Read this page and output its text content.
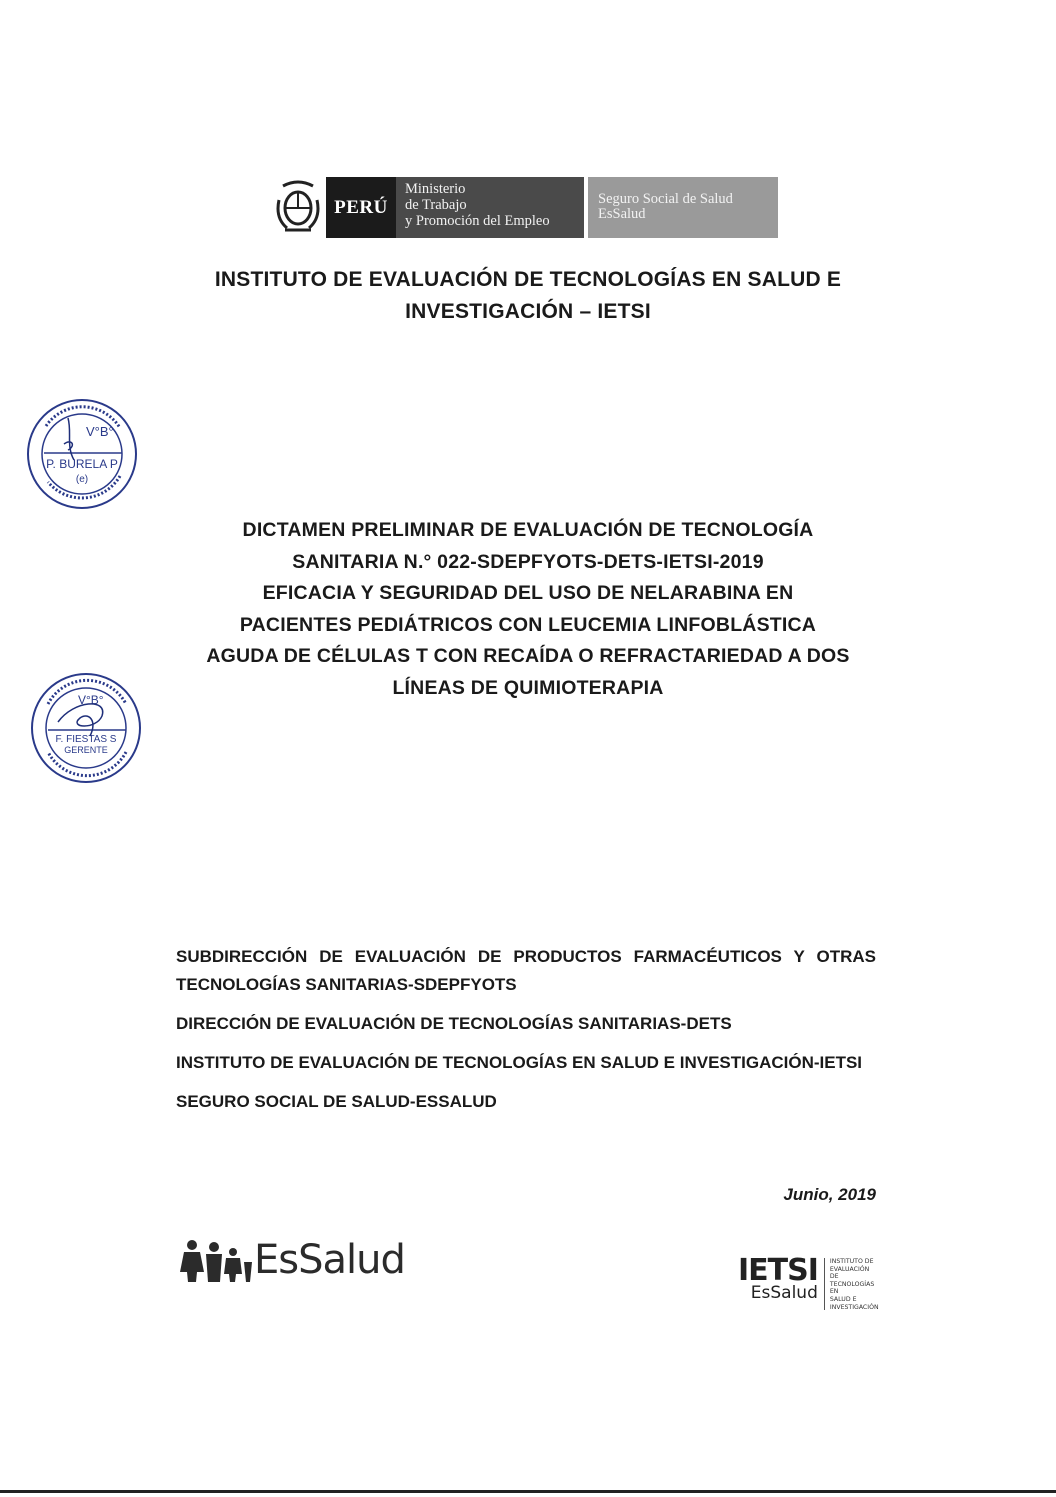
PERÚ
Ministerio
de Trabajo
y Promoción del Empleo
Seguro Social de Salud
EsSalud
INSTITUTO DE EVALUACIÓN DE TECNOLOGÍAS EN SALUD E
INVESTIGACIÓN – IETSI
V°B°
P. BURELA P
(e)
DICTAMEN PRELIMINAR DE EVALUACIÓN DE TECNOLOGÍA
SANITARIA N.° 022-SDEPFYOTS-DETS-IETSI-2019
EFICACIA Y SEGURIDAD DEL USO DE NELARABINA EN
PACIENTES PEDIÁTRICOS CON LEUCEMIA LINFOBLÁSTICA
AGUDA DE CÉLULAS T CON RECAÍDA O REFRACTARIEDAD A DOS
LÍNEAS DE QUIMIOTERAPIA
V°B°
F. FIESTAS S
GERENTE

SUBDIRECCIÓN DE EVALUACIÓN DE PRODUCTOS FARMACÉUTICOS Y OTRAS TECNOLOGÍAS SANITARIAS-SDEPFYOTS

DIRECCIÓN DE EVALUACIÓN DE TECNOLOGÍAS SANITARIAS-DETS

INSTITUTO DE EVALUACIÓN DE TECNOLOGÍAS EN SALUD E INVESTIGACIÓN-IETSI

SEGURO SOCIAL DE SALUD-ESSALUD

Junio, 2019
EsSalud	IETSI
EsSalud
INSTITUTO DE
EVALUACIÓN DE
TECNOLOGÍAS EN
SALUD E
INVESTIGACIÓN
